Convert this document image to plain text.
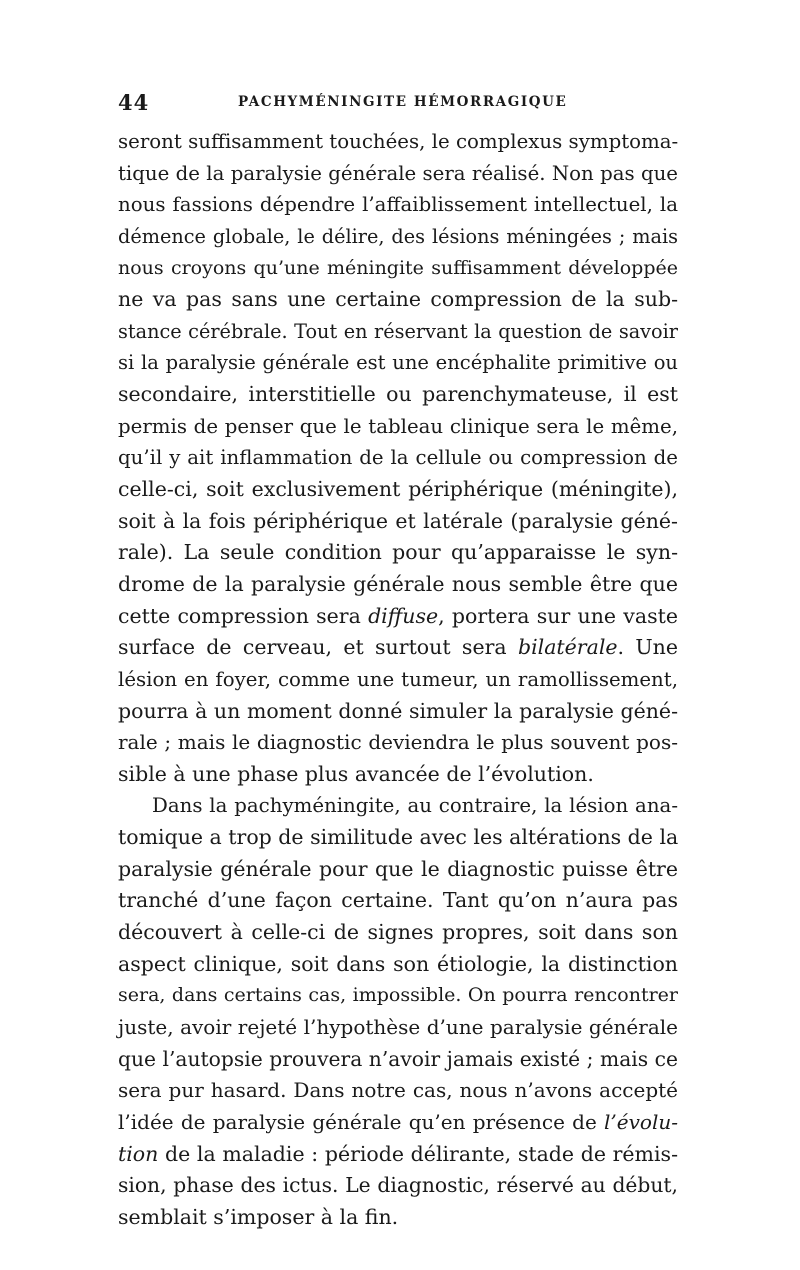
44	PACHYMÉNINGITE HÉMORRAGIQUE
seront suffisamment touchées, le complexus symptoma-
tique de la paralysie générale sera réalisé. Non pas que
nous fassions dépendre l’affaiblissement intellectuel, la
démence globale, le délire, des lésions méningées ; mais
nous croyons qu’une méningite suffisamment développée
ne va pas sans une certaine compression de la sub-
stance cérébrale. Tout en réservant la question de savoir
si la paralysie générale est une encéphalite primitive ou
secondaire, interstitielle ou parenchymateuse, il est
permis de penser que le tableau clinique sera le même,
qu’il y ait inflammation de la cellule ou compression de
celle-ci, soit exclusivement périphérique (méningite),
soit à la fois périphérique et latérale (paralysie géné-
rale). La seule condition pour qu’apparaisse le syn-
drome de la paralysie générale nous semble être que
cette compression sera diffuse, portera sur une vaste
surface de cerveau, et surtout sera bilatérale. Une
lésion en foyer, comme une tumeur, un ramollissement,
pourra à un moment donné simuler la paralysie géné-
rale ; mais le diagnostic deviendra le plus souvent pos-
sible à une phase plus avancée de l’évolution.
Dans la pachyméningite, au contraire, la lésion ana-
tomique a trop de similitude avec les altérations de la
paralysie générale pour que le diagnostic puisse être
tranché d’une façon certaine. Tant qu’on n’aura pas
découvert à celle-ci de signes propres, soit dans son
aspect clinique, soit dans son étiologie, la distinction
sera, dans certains cas, impossible. On pourra rencontrer
juste, avoir rejeté l’hypothèse d’une paralysie générale
que l’autopsie prouvera n’avoir jamais existé ; mais ce
sera pur hasard. Dans notre cas, nous n’avons accepté
l’idée de paralysie générale qu’en présence de l’évolu-
tion de la maladie : période délirante, stade de rémis-
sion, phase des ictus. Le diagnostic, réservé au début,
semblait s’imposer à la fin.
